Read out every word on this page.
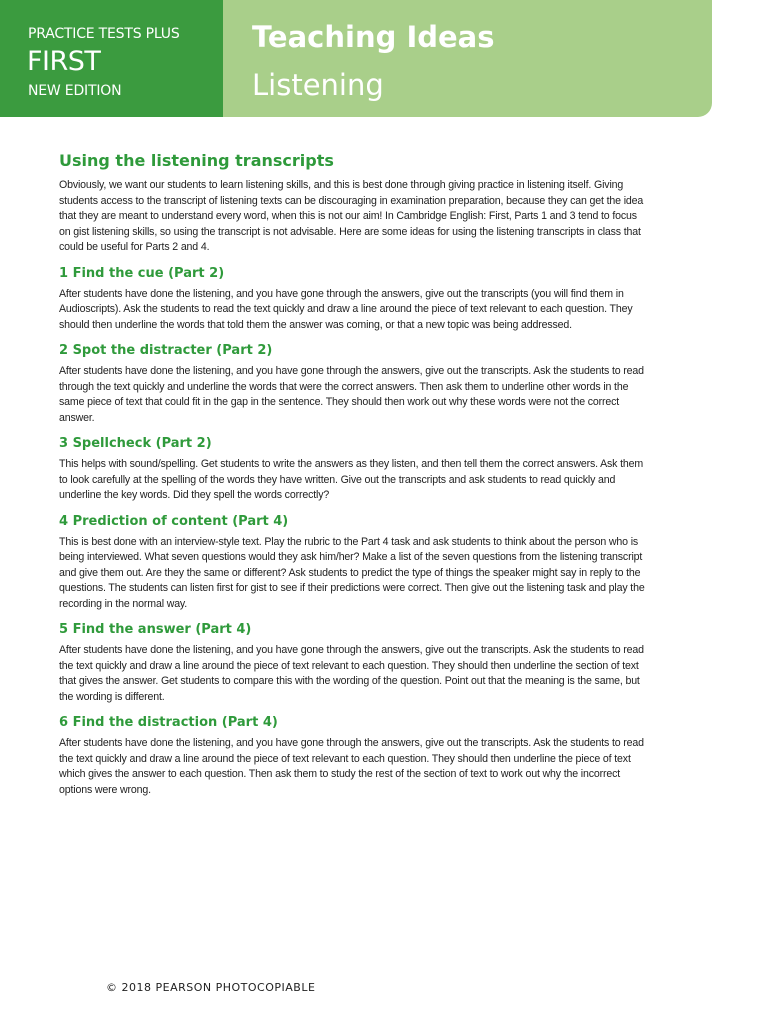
PRACTICE TESTS PLUS
FIRST
NEW EDITION
Teaching Ideas
Listening
Using the listening transcripts

Obviously, we want our students to learn listening skills, and this is best done through giving practice in listening itself. Giving students access to the transcript of listening texts can be discouraging in examination preparation, because they can get the idea that they are meant to understand every word, when this is not our aim! In Cambridge English: First, Parts 1 and 3 tend to focus on gist listening skills, so using the transcript is not advisable. Here are some ideas for using the listening transcripts in class that could be useful for Parts 2 and 4.

1 Find the cue (Part 2)

After students have done the listening, and you have gone through the answers, give out the transcripts (you will find them in Audioscripts). Ask the students to read the text quickly and draw a line around the piece of text relevant to each question. They should then underline the words that told them the answer was coming, or that a new topic was being addressed.

2 Spot the distracter (Part 2)

After students have done the listening, and you have gone through the answers, give out the transcripts. Ask the students to read through the text quickly and underline the words that were the correct answers. Then ask them to underline other words in the same piece of text that could fit in the gap in the sentence. They should then work out why these words were not the correct answer.

3 Spellcheck (Part 2)

This helps with sound/spelling. Get students to write the answers as they listen, and then tell them the correct answers. Ask them to look carefully at the spelling of the words they have written. Give out the transcripts and ask students to read quickly and underline the key words. Did they spell the words correctly?

4 Prediction of content (Part 4)

This is best done with an interview-style text. Play the rubric to the Part 4 task and ask students to think about the person who is being interviewed. What seven questions would they ask him/her? Make a list of the seven questions from the listening transcript and give them out. Are they the same or different? Ask students to predict the type of things the speaker might say in reply to the questions. The students can listen first for gist to see if their predictions were correct. Then give out the listening task and play the recording in the normal way.

5 Find the answer (Part 4)

After students have done the listening, and you have gone through the answers, give out the transcripts. Ask the students to read the text quickly and draw a line around the piece of text relevant to each question. They should then underline the section of text that gives the answer. Get students to compare this with the wording of the question. Point out that the meaning is the same, but the wording is different.

6 Find the distraction (Part 4)

After students have done the listening, and you have gone through the answers, give out the transcripts. Ask the students to read the text quickly and draw a line around the piece of text relevant to each question. They should then underline the piece of text which gives the answer to each question. Then ask them to study the rest of the section of text to work out why the incorrect options were wrong.

© 2018 PEARSON PHOTOCOPIABLE
